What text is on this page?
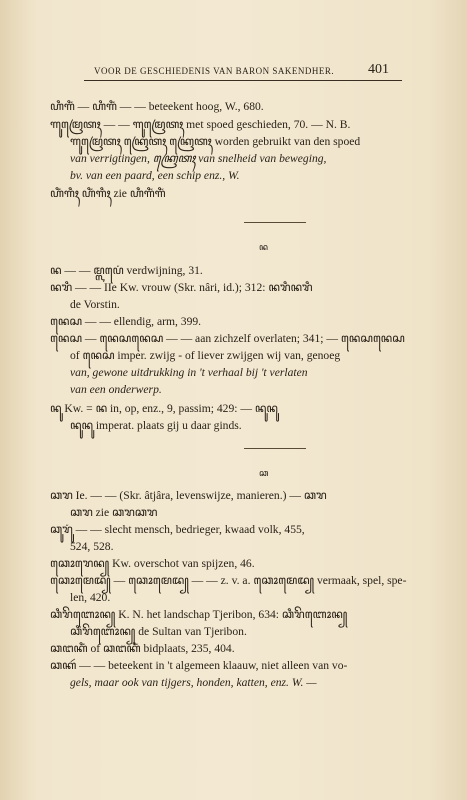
VOOR DE GESCHIEDENIS VAN BARON SAKENDHER. 401
ꦲꦶꦒꦶꦁ — ꦲꦶꦒꦶꦁ — — beteekent hoog, W., 680.
ꦒꦸꦩꦿꦺꦠꦃ — — ꦒꦸꦩꦿꦺꦠꦃ met spoed geschieden, 70. — N. B.
ꦒꦸꦩꦿꦺꦠꦃ ꦏꦿꦺꦠꦃ ꦏꦿꦺꦠꦃ worden gebruikt van den spoed
van verrigtingen, ꦏꦿꦺꦠꦃ van snelheid van beweging,
bv. van een paard, een schip enz., W.
ꦲꦶꦁꦒꦶꦃ ꦲꦶꦁꦒꦶꦃ zie ꦲꦶꦒꦶꦁꦒꦶꦁ
ꦤ
ꦤ — — ꦩ꧀ꦭꦥꦺꦁ verdwijning, 31.
ꦤꦫꦶ — — IIe Kw. vrouw (Skr. nâri, id.); 312: ꦤꦫꦶꦤꦫꦶ
de Vorstin.
ꦤꦺꦱ — — ellendig, arm, 399.
ꦤꦺꦱ — ꦤꦺꦱꦤꦺꦱ — — aan zichzelf overlaten; 341; — ꦤꦺꦱꦤꦺꦱ
of ꦤꦺꦱ imper. zwijg - of liever zwijgen wij van, genoeg
van, gewone uitdrukking in 't verhaal bij 't verlaten
van een onderwerp.
ꦤꦸ Kw. = ꦤ in, op, enz., 9, passim; 429: — ꦤꦸꦤꦸ
ꦤꦸꦤꦸ imperat. plaats gij u daar ginds.
ꦕ
ꦕꦫ Ie. — — (Skr. âtjâra, levenswijze, manieren.) — ꦕꦫ
ꦕꦫ zie ꦕꦫꦕꦫ
ꦕꦸꦫꦸꦁ — — slecht mensch, bedrieger, kwaad volk, 455,
524, 528.
ꦕꦺꦴꦫꦺꦤ꧀ Kw. overschot van spijzen, 46.
ꦕꦺꦴꦩꦺꦢ꧀ — ꦕꦺꦴꦩꦺꦢ꧀ — — z. v. a. ꦕꦺꦴꦩꦺꦢ꧀ vermaak, spel, spe-
len, 420.
ꦕꦶꦫꦼꦧꦺꦴꦤ꧀ K. N. het landschap Tjeribon, 634: ꦕꦶꦫꦼꦧꦺꦴꦤ꧀
ꦕꦶꦫꦼꦧꦺꦴꦤ꧀ de Sultan van Tjeribon.
ꦕꦔꦏꦶꦁ of ꦕꦔꦏꦶꦁ bidplaats, 235, 404.
ꦕꦏꦂ — — beteekent in 't algemeen klaauw, niet alleen van vo-
gels, maar ook van tijgers, honden, katten, enz. W. —
